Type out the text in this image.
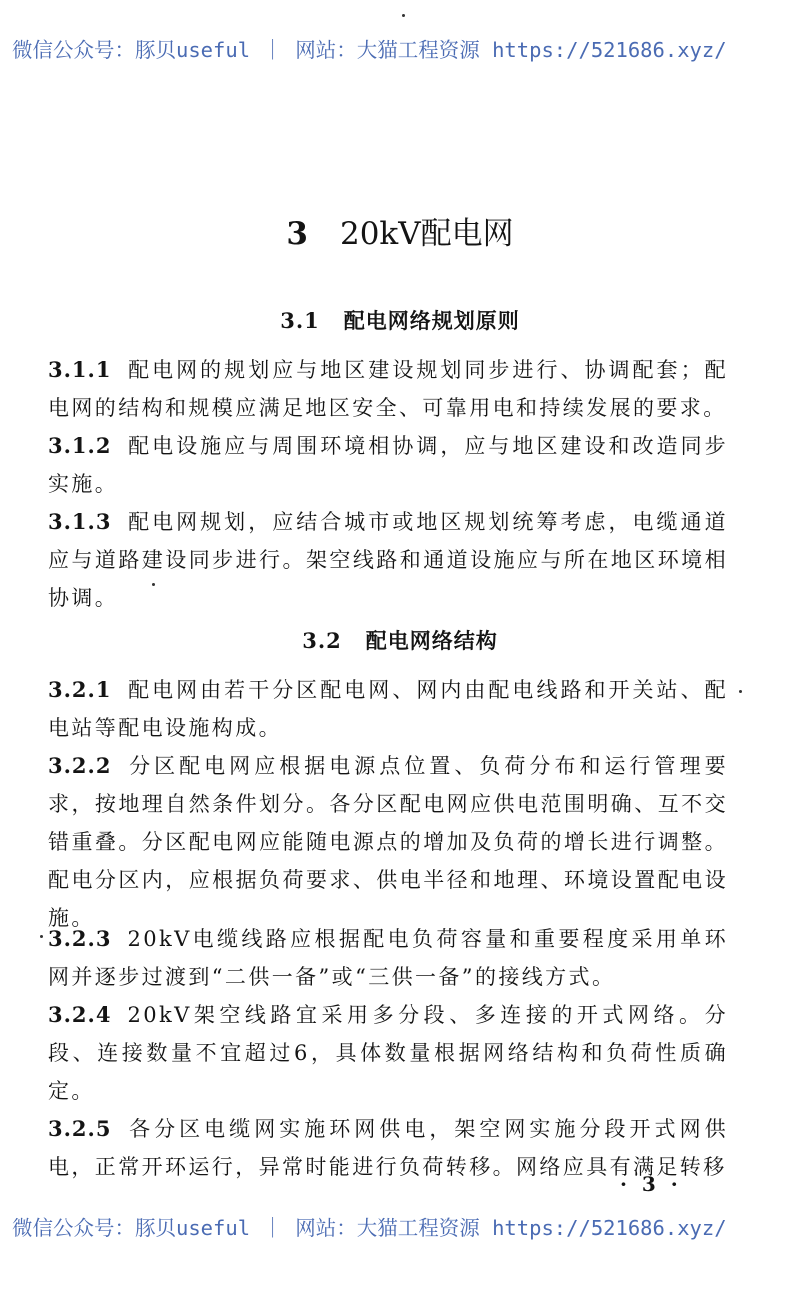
微信公众号：豚贝useful ｜ 网站：大猫工程资源 https://521686.xyz/
3 20kV配电网
3.1 配电网络规划原则
3.1.1 配电网的规划应与地区建设规划同步进行、协调配套；配电网的结构和规模应满足地区安全、可靠用电和持续发展的要求。
3.1.2 配电设施应与周围环境相协调，应与地区建设和改造同步实施。
3.1.3 配电网规划，应结合城市或地区规划统筹考虑，电缆通道应与道路建设同步进行。架空线路和通道设施应与所在地区环境相协调。
3.2 配电网络结构
3.2.1 配电网由若干分区配电网、网内由配电线路和开关站、配电站等配电设施构成。
3.2.2 分区配电网应根据电源点位置、负荷分布和运行管理要求，按地理自然条件划分。各分区配电网应供电范围明确、互不交错重叠。分区配电网应能随电源点的增加及负荷的增长进行调整。配电分区内，应根据负荷要求、供电半径和地理、环境设置配电设施。
3.2.3 20kV电缆线路应根据配电负荷容量和重要程度采用单环网并逐步过渡到“二供一备”或“三供一备”的接线方式。
3.2.4 20kV架空线路宜采用多分段、多连接的开式网络。分段、连接数量不宜超过6，具体数量根据网络结构和负荷性质确定。
3.2.5 各分区电缆网实施环网供电，架空网实施分段开式网供电，正常开环运行，异常时能进行负荷转移。网络应具有满足转移
· 3 ·
微信公众号：豚贝useful ｜ 网站：大猫工程资源 https://521686.xyz/
